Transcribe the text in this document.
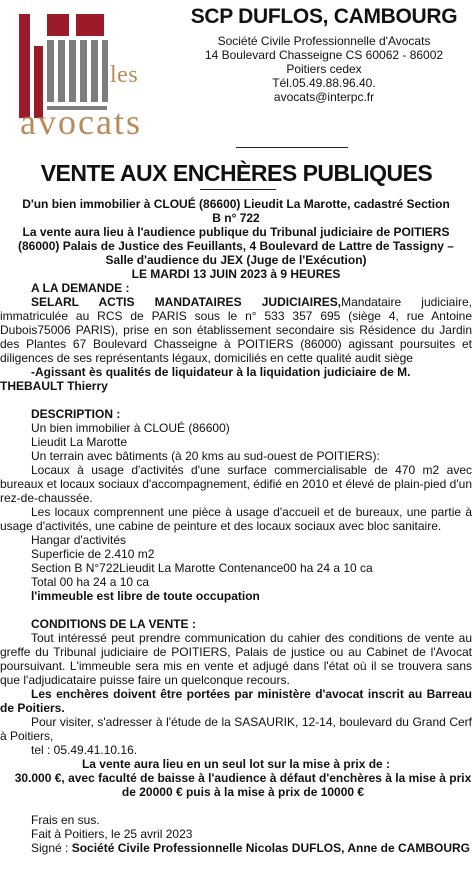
les
avocats
SCP DUFLOS, CAMBOURG
Société Civile Professionnelle d'Avocats
14 Boulevard Chasseigne CS 60062 - 86002
Poitiers cedex
Tél.05.49.88.96.40.
avocats@interpc.fr
VENTE AUX ENCHÈRES PUBLIQUES

D'un bien immobilier à CLOUÉ (86600) Lieudit La Marotte, cadastré Section

B n° 722

La vente aura lieu à l'audience publique du Tribunal judiciaire de POITIERS

(86000) Palais de Justice des Feuillants, 4 Boulevard de Lattre de Tassigny –

Salle d'audience du JEX (Juge de l'Exécution)

LE MARDI 13 JUIN 2023 à 9 HEURES

A LA DEMANDE :

SELARL ACTIS MANDATAIRES JUDICIAIRES,Mandataire judiciaire, immatriculée au RCS de PARIS sous le n° 533 357 695 (siège 4, rue Antoine Dubois75006 PARIS), prise en son établissement secondaire sis Résidence du Jardin des Plantes 67 Boulevard Chasseigne à POITIERS (86000) agissant poursuites et diligences de ses représentants légaux, domiciliés en cette qualité audit siège

-Agissant ès qualités de liquidateur à la liquidation judiciaire de M. THEBAULT Thierry

DESCRIPTION :

Un bien immobilier à CLOUÉ (86600)

Lieudit La Marotte

Un terrain avec bâtiments (à 20 kms au sud-ouest de POITIERS):

Locaux à usage d'activités d'une surface commercialisable de 470 m2 avec bureaux et locaux sociaux d'accompagnement, édifié en 2010 et élevé de plain-pied d'un rez-de-chaussée.

Les locaux comprennent une pièce à usage d'accueil et de bureaux, une partie à usage d'activités, une cabine de peinture et des locaux sociaux avec bloc sanitaire.

Hangar d'activités

Superficie de 2.410 m2

Section B N°722Lieudit La Marotte Contenance00 ha 24 a 10 ca

Total 00 ha 24 a 10 ca

l'immeuble est libre de toute occupation

CONDITIONS DE LA VENTE :

Tout intéressé peut prendre communication du cahier des conditions de vente au greffe du Tribunal judiciaire de POITIERS, Palais de justice ou au Cabinet de l'Avocat poursuivant. L'immeuble sera mis en vente et adjugé dans l'état où il se trouvera sans que l'adjudicataire puisse faire un quelconque recours.

Les enchères doivent être portées par ministère d'avocat inscrit au Barreau de Poitiers.

Pour visiter, s'adresser à l'étude de la SASAURIK, 12-14, boulevard du Grand Cerf à Poitiers,

tel : 05.49.41.10.16.

La vente aura lieu en un seul lot sur la mise à prix de :

30.000 €, avec faculté de baisse à l'audience à défaut d'enchères à la mise à prix de 20000 € puis à la mise à prix de 10000 €

Frais en sus.

Fait à Poitiers, le 25 avril 2023

Signé : Société Civile Professionnelle Nicolas DUFLOS, Anne de CAMBOURG
